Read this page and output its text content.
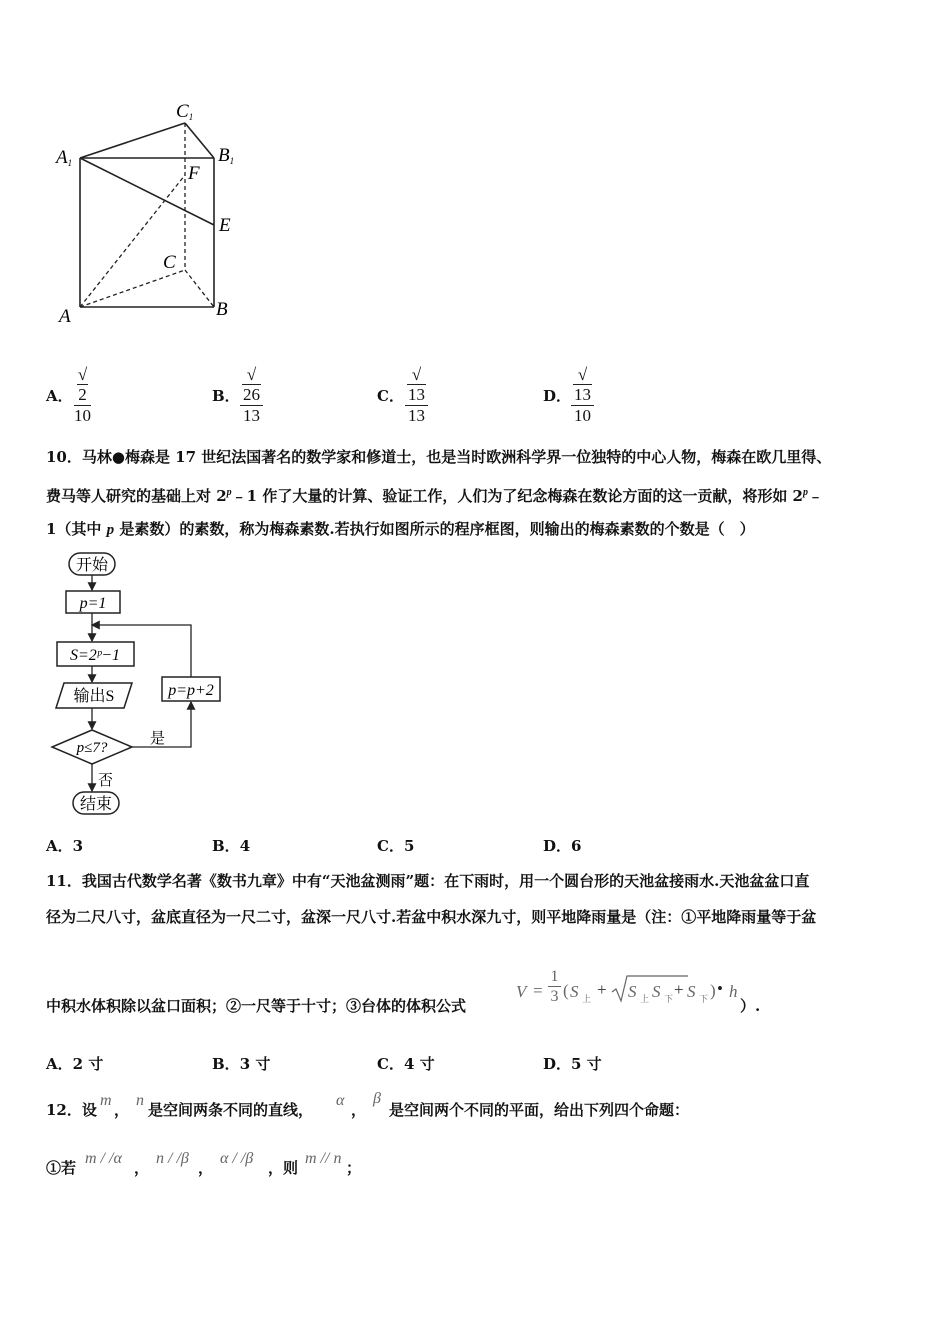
C1
A1	B1
F
E
C
A	B
A．
√2
10
B．
√26
13
C．
√13
13
D．
√13
10
10．马林●梅森是 17 世纪法国著名的数学家和修道士，也是当时欧洲科学界一位独特的中心人物，梅森在欧几里得、
费马等人研究的基础上对 2$^p$﹣1 作了大量的计算、验证工作，人们为了纪念梅森在数论方面的这一贡献，将形如 2$^p$﹣
1（其中 p 是素数）的素数，称为梅森素数.若执行如图所示的程序框图，则输出的梅森素数的个数是（　）
开始
p=1
S=2ᵖ−1
输出S
p≤7?
是
p=p+2
否
结束
A．3	B．4	C．5	D．6
11．我国古代数学名著《数书九章》中有“天池盆测雨”题：在下雨时，用一个圆台形的天池盆接雨水.天池盆盆口直
径为二尺八寸，盆底直径为一尺二寸，盆深一尺八寸.若盆中积水深九寸，则平地降雨量是（注：①平地降雨量等于盆
中积水体积除以盆口面积；②一尺等于十寸；③台体的体积公式
V =
1
3 ( S 上 + S 上 S 下 + S 下 ) • h
）.
A．2 寸	B．3 寸	C．4 寸	D．5 寸
12．设
m
，
n
是空间两条不同的直线，
α
，
β
是空间两个不同的平面，给出下列四个命题：
①若
m / /α
，
n / /β
，
α / /β
，则
m // n
；
